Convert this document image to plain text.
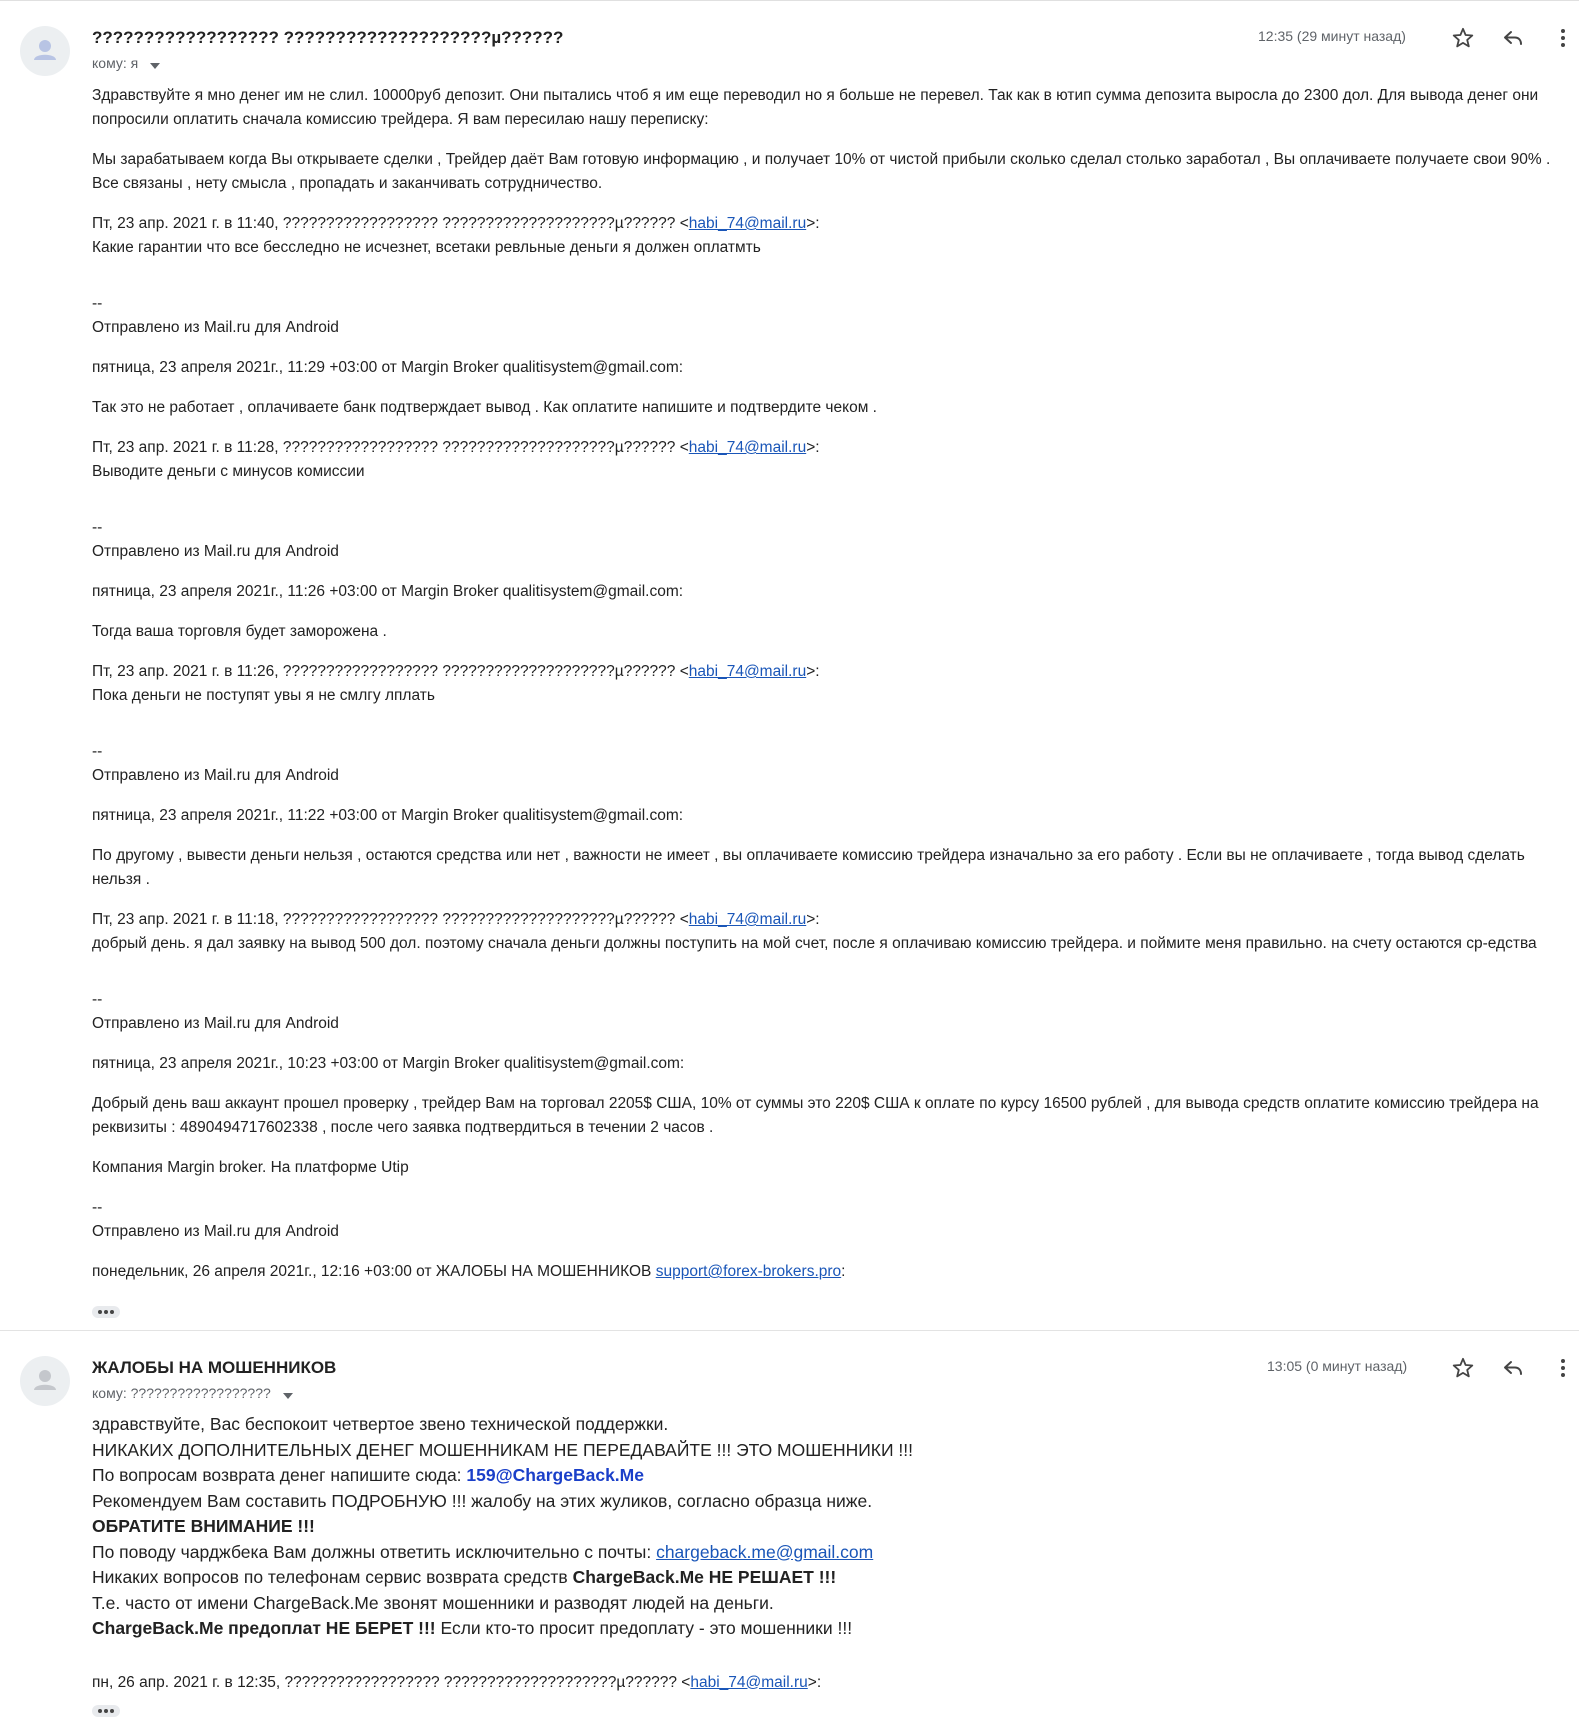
?????????????????? ????????????????????µ??????
кому: я
12:35 (29 минут назад)

Здравствуйте я мно денег им не слил. 10000руб депозит. Они пытались чтоб я им еще переводил но я больше не перевел. Так как в ютип сумма депозита выросла до 2300 дол. Для вывода денег они попросили оплатить сначала комиссию трейдера. Я вам пересилаю нашу переписку:

Мы зарабатываем когда Вы открываете сделки , Трейдер даёт Вам готовую информацию , и получает 10% от чистой прибыли сколько сделал столько заработал , Вы оплачиваете получаете свои 90% . Все связаны , нету смысла , пропадать и заканчивать сотрудничество.

Пт, 23 апр. 2021 г. в 11:40, ?????????????????? ????????????????????µ?????? <habi_74@mail.ru>:

Какие гарантии что все бесследно не исчезнет, всетаки ревльные деньги я должен оплатмть

--

Отправлено из Mail.ru для Android

пятница, 23 апреля 2021г., 11:29 +03:00 от Margin Broker qualitisystem@gmail.com:

Так это не работает , оплачиваете банк подтверждает вывод . Как оплатите напишите и подтвердите чеком .

Пт, 23 апр. 2021 г. в 11:28, ?????????????????? ????????????????????µ?????? <habi_74@mail.ru>:

Выводите деньги с минусов комиссии

--

Отправлено из Mail.ru для Android

пятница, 23 апреля 2021г., 11:26 +03:00 от Margin Broker qualitisystem@gmail.com:

Тогда ваша торговля будет заморожена .

Пт, 23 апр. 2021 г. в 11:26, ?????????????????? ????????????????????µ?????? <habi_74@mail.ru>:

Пока деньги не поступят увы я не смлгу лплать

--

Отправлено из Mail.ru для Android

пятница, 23 апреля 2021г., 11:22 +03:00 от Margin Broker qualitisystem@gmail.com:

По другому , вывести деньги нельзя , остаются средства или нет , важности не имеет , вы оплачиваете комиссию трейдера изначально за его работу . Если вы не оплачиваете , тогда вывод сделать нельзя .

Пт, 23 апр. 2021 г. в 11:18, ?????????????????? ????????????????????µ?????? <habi_74@mail.ru>:

добрый день. я дал заявку на вывод 500 дол. поэтому сначала деньги должны поступить на мой счет, после я оплачиваю комиссию трейдера. и поймите меня правильно. на счету остаются ср-едства

--

Отправлено из Mail.ru для Android

пятница, 23 апреля 2021г., 10:23 +03:00 от Margin Broker qualitisystem@gmail.com:

Добрый день ваш аккаунт прошел проверку , трейдер Вам на торговал 2205$ США, 10% от суммы это 220$ США к оплате по курсу 16500 рублей , для вывода средств оплатите комиссию трейдера на реквизиты : 4890494717602338 , после чего заявка подтвердиться в течении 2 часов .

Компания Margin broker. На платформе Utip

--

Отправлено из Mail.ru для Android

понедельник, 26 апреля 2021г., 12:16 +03:00 от ЖАЛОБЫ НА МОШЕННИКОВ support@forex-brokers.pro:

ЖАЛОБЫ НА МОШЕННИКОВ
кому: ??????????????????
13:05 (0 минут назад)
здравствуйте, Вас беспокоит четвертое звено технической поддержки.
НИКАКИХ ДОПОЛНИТЕЛЬНЫХ ДЕНЕГ МОШЕННИКАМ НЕ ПЕРЕДАВАЙТЕ !!! ЭТО МОШЕННИКИ !!!
По вопросам возврата денег напишите сюда: 159@ChargeBack.Me
Рекомендуем Вам составить ПОДРОБНУЮ !!! жалобу на этих жуликов, согласно образца ниже.
ОБРАТИТЕ ВНИМАНИЕ !!!
По поводу чарджбека Вам должны ответить исключительно с почты: chargeback.me@gmail.com
Никаких вопросов по телефонам сервис возврата средств ChargeBack.Me НЕ РЕШАЕТ !!!
Т.е. часто от имени ChargeBack.Me звонят мошенники и разводят людей на деньги.
ChargeBack.Me предоплат НЕ БЕРЕТ !!! Если кто-то просит предоплату - это мошенники !!!
пн, 26 апр. 2021 г. в 12:35, ?????????????????? ????????????????????µ?????? <habi_74@mail.ru>:
